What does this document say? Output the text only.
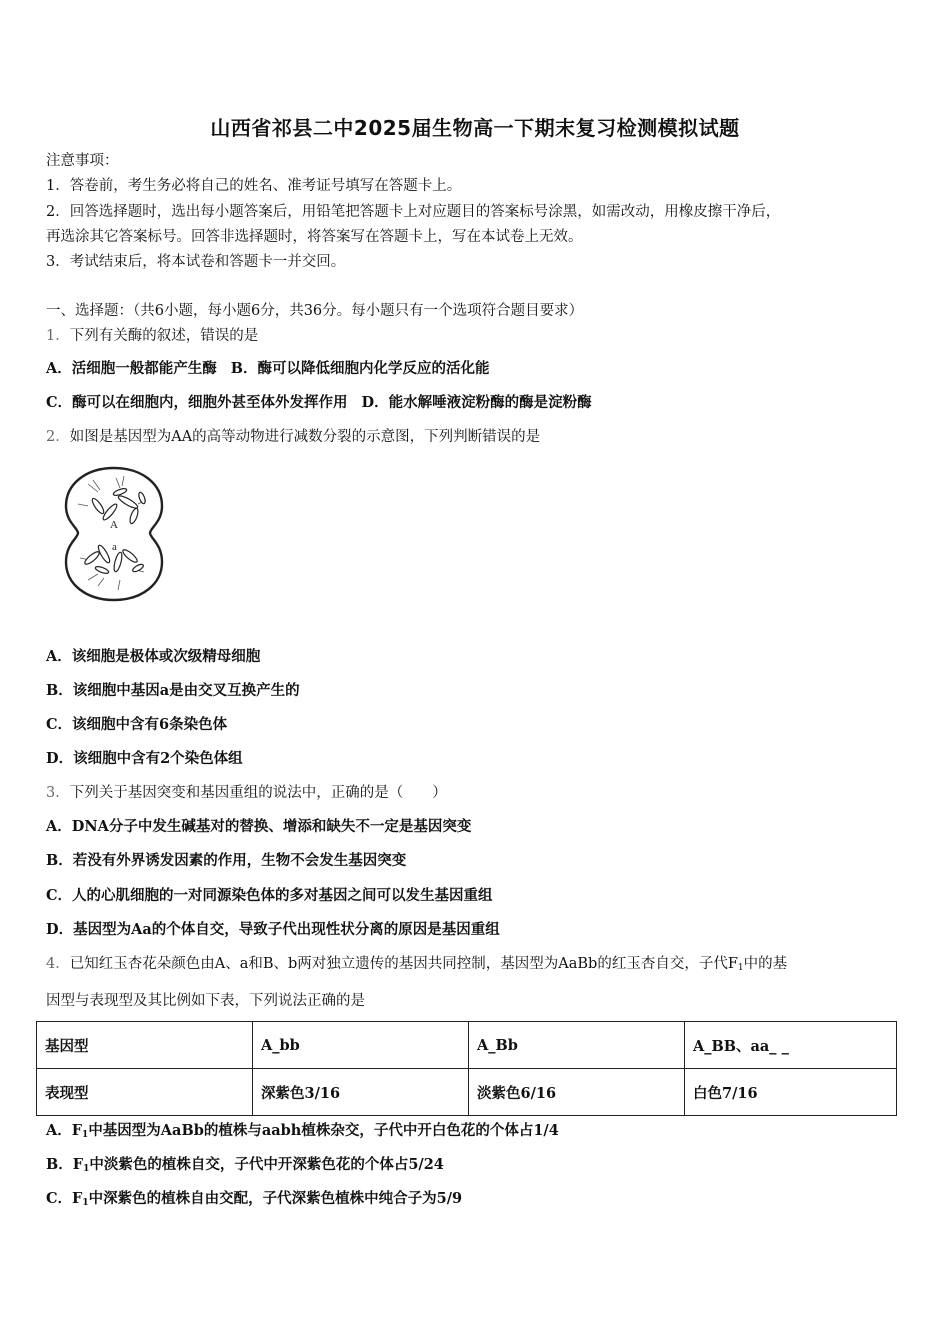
山西省祁县二中2025届生物高一下期末复习检测模拟试题
注意事项：
1．答卷前，考生务必将自己的姓名、准考证号填写在答题卡上。
2．回答选择题时，选出每小题答案后，用铅笔把答题卡上对应题目的答案标号涂黑，如需改动，用橡皮擦干净后，
再选涂其它答案标号。回答非选择题时，将答案写在答题卡上，写在本试卷上无效。
3．考试结束后，将本试卷和答题卡一并交回。
一、选择题：（共6小题，每小题6分，共36分。每小题只有一个选项符合题目要求）
1．下列有关酶的叙述，错误的是
A．活细胞一般都能产生酶 B．酶可以降低细胞内化学反应的活化能
C．酶可以在细胞内，细胞外甚至体外发挥作用 D．能水解唾液淀粉酶的酶是淀粉酶
2．如图是基因型为AA的高等动物进行减数分裂的示意图，下列判断错误的是
A
a
A．该细胞是极体或次级精母细胞
B．该细胞中基因a是由交叉互换产生的
C．该细胞中含有6条染色体
D．该细胞中含有2个染色体组
3．下列关于基因突变和基因重组的说法中，正确的是（　　）
A．DNA分子中发生碱基对的替换、增添和缺失不一定是基因突变
B．若没有外界诱发因素的作用，生物不会发生基因突变
C．人的心肌细胞的一对同源染色体的多对基因之间可以发生基因重组
D．基因型为Aa的个体自交，导致子代出现性状分离的原因是基因重组
4．已知红玉杏花朵颜色由A、a和B、b两对独立遗传的基因共同控制，基因型为AaBb的红玉杏自交，子代$F_1$中的基
因型与表现型及其比例如下表，下列说法正确的是
基因型	A_bb	A_Bb	A_BB、aa_ _
表现型	深紫色3/16	淡紫色6/16	白色7/16
A．$F_1$中基因型为AaBb的植株与aabh植株杂交，子代中开白色花的个体占1/4
B．$F_1$中淡紫色的植株自交，子代中开深紫色花的个体占5/24
C．$F_1$中深紫色的植株自由交配，子代深紫色植株中纯合子为5/9
